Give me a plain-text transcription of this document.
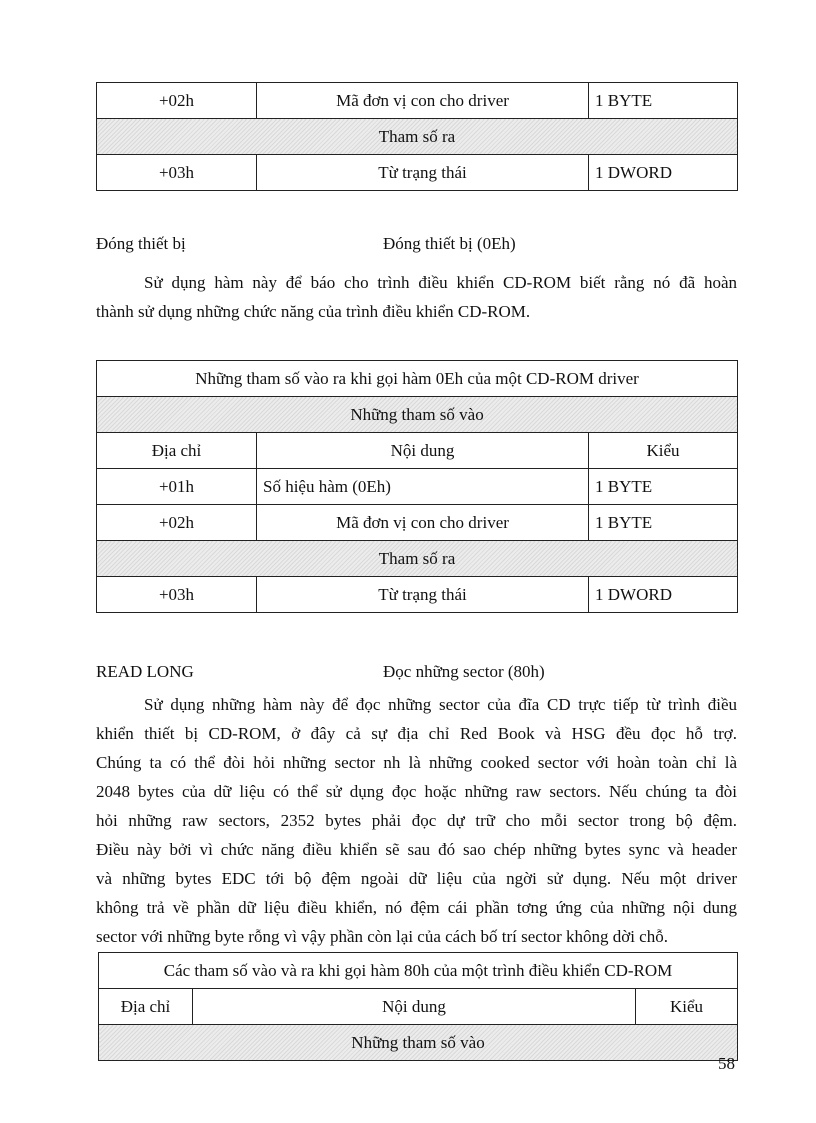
+02h	Mã đơn vị con cho driver	1 BYTE
Tham số ra		
+03h	Từ trạng thái	1 DWORD
Đóng thiết bị	Đóng thiết bị (0Eh)
Sử dụng hàm này để báo cho trình điều khiển CD-ROM biết rằng nó đã hoàn
thành sử dụng những chức năng của trình điều khiển CD-ROM.
Những tham số vào ra khi gọi hàm 0Eh của một CD-ROM driver		
Những tham số vào		
Địa chỉ	Nội dung	Kiểu
+01h	Số hiệu hàm (0Eh)	1 BYTE
+02h	Mã đơn vị con cho driver	1 BYTE
Tham số ra		
+03h	Từ trạng thái	1 DWORD
READ LONG	Đọc những sector (80h)
Sử dụng những hàm này để đọc những sector của đĩa CD trực tiếp từ trình điều
khiển thiết bị CD-ROM, ở đây cả sự địa chỉ Red Book và HSG đều đọc hỗ trợ.
Chúng ta có thể đòi hỏi những sector nh là những cooked sector với hoàn toàn chỉ là
2048 bytes của dữ liệu có thể sử dụng đọc hoặc những raw sectors. Nếu chúng ta đòi
hỏi những raw sectors, 2352 bytes phải đọc dự trữ cho mỗi sector trong bộ đệm.
Điều này bởi vì chức năng điều khiển sẽ sau đó sao chép những bytes sync và header
và những bytes EDC tới bộ đệm ngoài dữ liệu của ngời sử dụng. Nếu một driver
không trả về phần dữ liệu điều khiển, nó đệm cái phần tơng ứng của những nội dung
sector với những byte rỗng vì vậy phần còn lại của cách bố trí sector không dời chỗ.
Các tham số vào và ra khi gọi hàm 80h của một trình điều khiển CD-ROM
Địa chỉ	Nội dung	Kiểu
Những tham số vào
58
